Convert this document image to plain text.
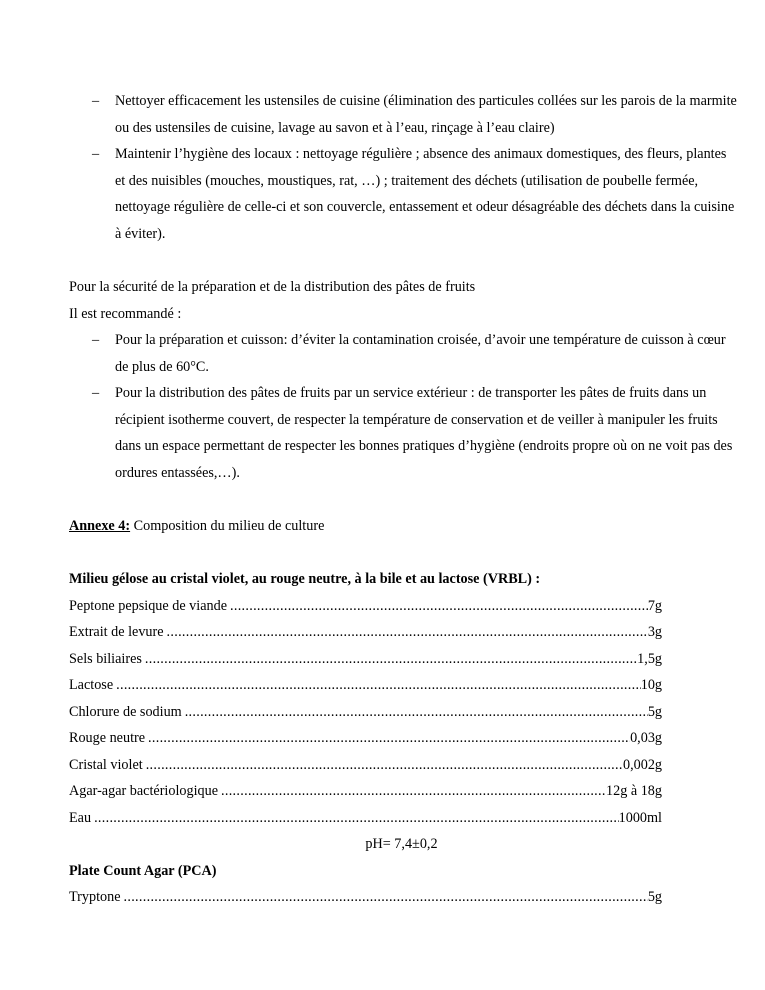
– Nettoyer efficacement les ustensiles de cuisine (élimination des particules collées sur les parois de la marmite ou des ustensiles de cuisine, lavage au savon et à l’eau, rinçage à l’eau claire)
– Maintenir l’hygiène des locaux : nettoyage régulière ; absence des animaux domestiques, des fleurs, plantes et des nuisibles (mouches, moustiques, rat, …) ; traitement des déchets (utilisation de poubelle fermée, nettoyage régulière de celle-ci et son couvercle, entassement et odeur désagréable des déchets dans la cuisine à éviter).
Pour la sécurité de la préparation et de la distribution des pâtes de fruits
Il est recommandé :
– Pour la préparation et cuisson: d’éviter la contamination croisée, d’avoir une température de cuisson à cœur de plus de 60°C.
– Pour la distribution des pâtes de fruits par un service extérieur : de transporter les pâtes de fruits dans un récipient isotherme couvert, de respecter la température de conservation et de veiller à manipuler les fruits dans un espace permettant de respecter les bonnes pratiques d’hygiène (endroits propre où on ne voit pas des ordures entassées,…).
Annexe 4: Composition du milieu de culture
Milieu gélose au cristal violet, au rouge neutre, à la bile et au lactose (VRBL) :
Peptone pepsique de viande .....	7g
Extrait de levure .....	3g
Sels biliaires .....	1,5g
Lactose .....	10g
Chlorure de sodium .....	5g
Rouge neutre .....	0,03g
Cristal violet .....	0,002g
Agar-agar bactériologique .....	12g à 18g
Eau .....	1000ml
pH= 7,4±0,2
Plate Count Agar (PCA)
Tryptone .....	5g
